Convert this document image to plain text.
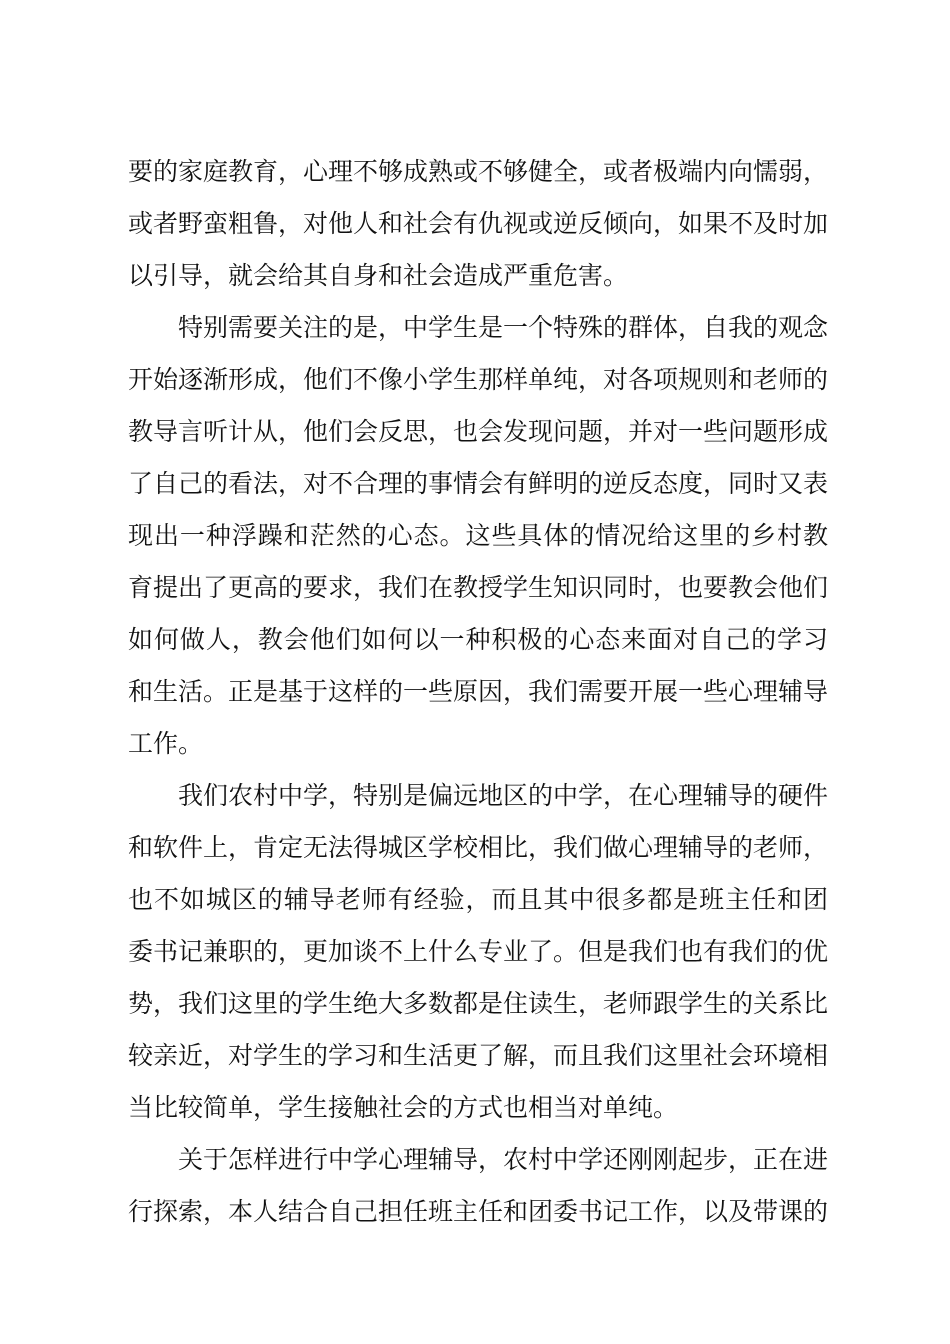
要的家庭教育，心理不够成熟或不够健全，或者极端内向懦弱，
或者野蛮粗鲁，对他人和社会有仇视或逆反倾向，如果不及时加
以引导，就会给其自身和社会造成严重危害。
特别需要关注的是，中学生是一个特殊的群体，自我的观念
开始逐渐形成，他们不像小学生那样单纯，对各项规则和老师的
教导言听计从，他们会反思，也会发现问题，并对一些问题形成
了自己的看法，对不合理的事情会有鲜明的逆反态度，同时又表
现出一种浮躁和茫然的心态。这些具体的情况给这里的乡村教
育提出了更高的要求，我们在教授学生知识同时，也要教会他们
如何做人，教会他们如何以一种积极的心态来面对自己的学习
和生活。正是基于这样的一些原因，我们需要开展一些心理辅导
工作。
我们农村中学，特别是偏远地区的中学，在心理辅导的硬件
和软件上，肯定无法得城区学校相比，我们做心理辅导的老师，
也不如城区的辅导老师有经验，而且其中很多都是班主任和团
委书记兼职的，更加谈不上什么专业了。但是我们也有我们的优
势，我们这里的学生绝大多数都是住读生，老师跟学生的关系比
较亲近，对学生的学习和生活更了解，而且我们这里社会环境相
当比较简单，学生接触社会的方式也相当对单纯。
关于怎样进行中学心理辅导，农村中学还刚刚起步，正在进
行探索，本人结合自己担任班主任和团委书记工作，以及带课的
